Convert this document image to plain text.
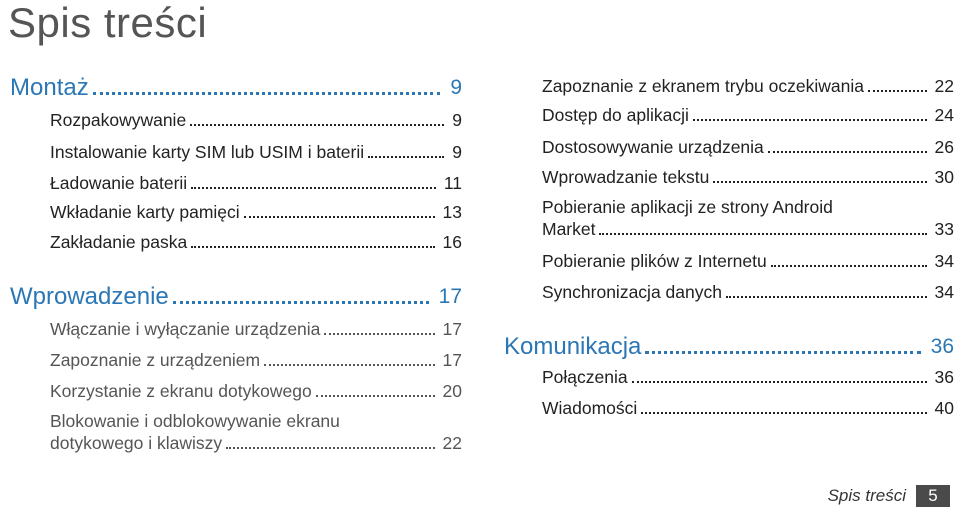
Spis treści
Montaż	9
Rozpakowywanie	9
Instalowanie karty SIM lub USIM i baterii	9
Ładowanie baterii	11
Wkładanie karty pamięci	13
Zakładanie paska	16
Wprowadzenie	17
Włączanie i wyłączanie urządzenia	17
Zapoznanie z urządzeniem	17
Korzystanie z ekranu dotykowego	20
Blokowanie i odblokowywanie ekranu
dotykowego i klawiszy	22
Zapoznanie z ekranem trybu oczekiwania	22
Dostęp do aplikacji	24
Dostosowywanie urządzenia	26
Wprowadzanie tekstu	30
Pobieranie aplikacji ze strony Android
Market	33
Pobieranie plików z Internetu	34
Synchronizacja danych	34
Komunikacja	36
Połączenia	36
Wiadomości	40
Spis treści	5
